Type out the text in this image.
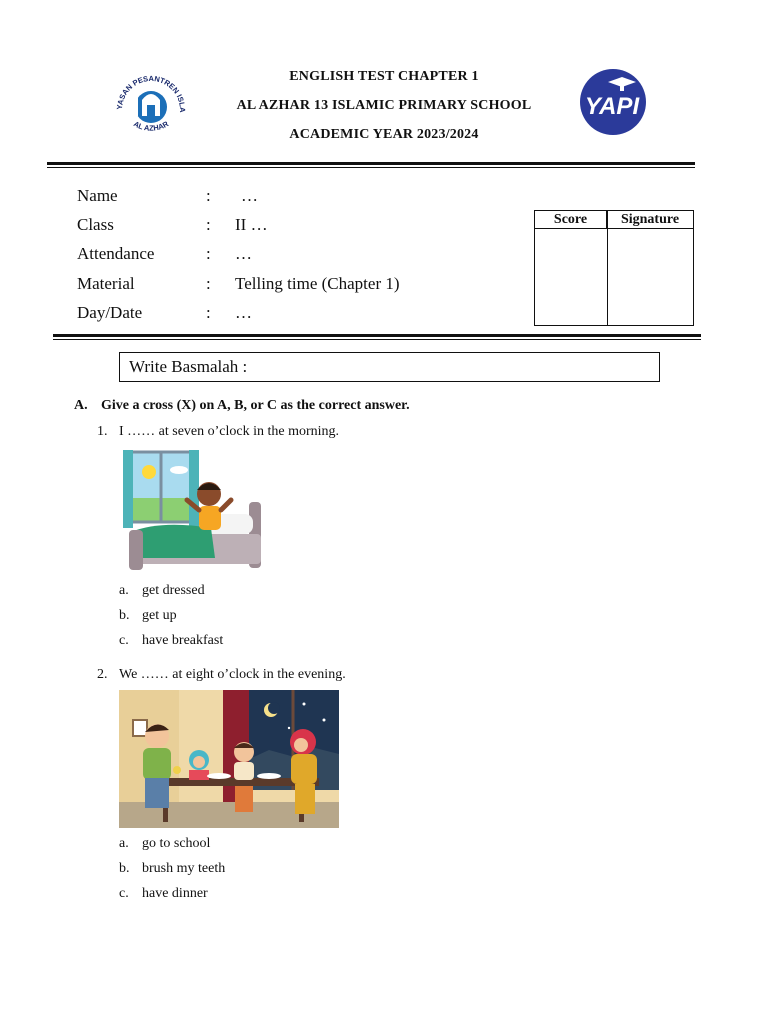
YASAN PESANTREN ISLA
AL AZHAR
ENGLISH TEST CHAPTER 1
AL AZHAR 13 ISLAMIC PRIMARY SCHOOL
ACADEMIC YEAR 2023/2024
YAPI
Name	: …
Class	: II …
Attendance	: …
Material	: Telling time (Chapter 1)
Day/Date	: …
Score	Signature
Write Basmalah :
A. Give a cross (X) on A, B, or C as the correct answer.
1. I …… at seven o’clock in the morning.
a. get dressed
b. get up
c. have breakfast
2. We …… at eight o’clock in the evening.
a. go to school
b. brush my teeth
c. have dinner
